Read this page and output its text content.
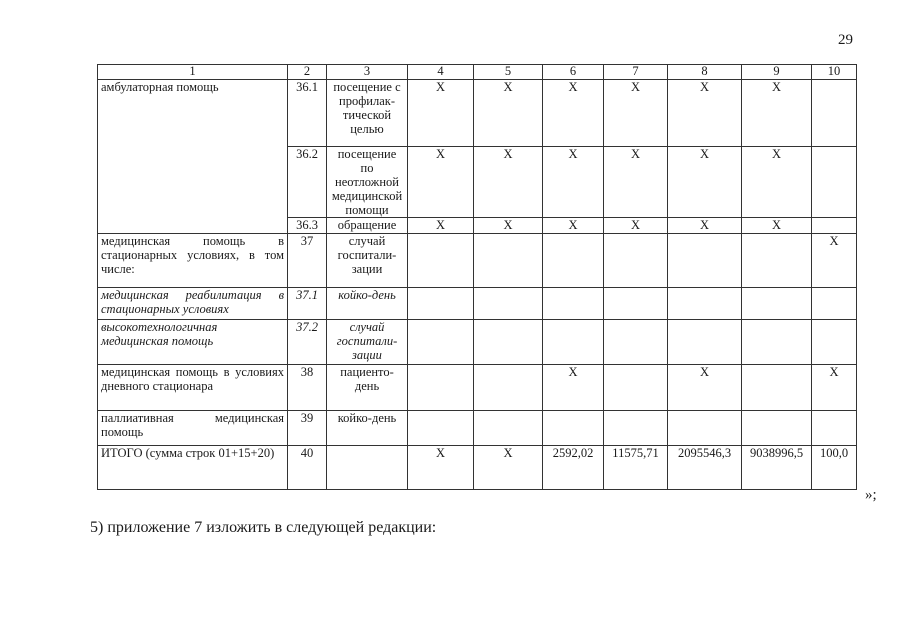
29
1	2	3	4	5	6	7	8	9	10
амбулаторная помощь	36.1	посещение с профилак-тической целью	Х	Х	Х	Х	Х	Х	
	36.2	посещение по неотложной медицинской помощи	Х	Х	Х	Х	Х	Х	
	36.3	обращение	Х	Х	Х	Х	Х	Х	
медицинская помощь в стационарных условиях, в том числе:	37	случай госпитали-зации							Х
медицинская реабилитация в стационарных условиях	37.1	койко-день							
высокотехнологичная медицинская помощь	37.2	случай госпитали-зации							
медицинская помощь в условиях дневного стационара	38	пациенто-день			Х		Х		Х
паллиативная медицинская помощь	39	койко-день							
ИТОГО (сумма строк 01+15+20)	40		Х	Х	2592,02	11575,71	2095546,3	9038996,5	100,0
»;
5) приложение 7 изложить в следующей редакции:
